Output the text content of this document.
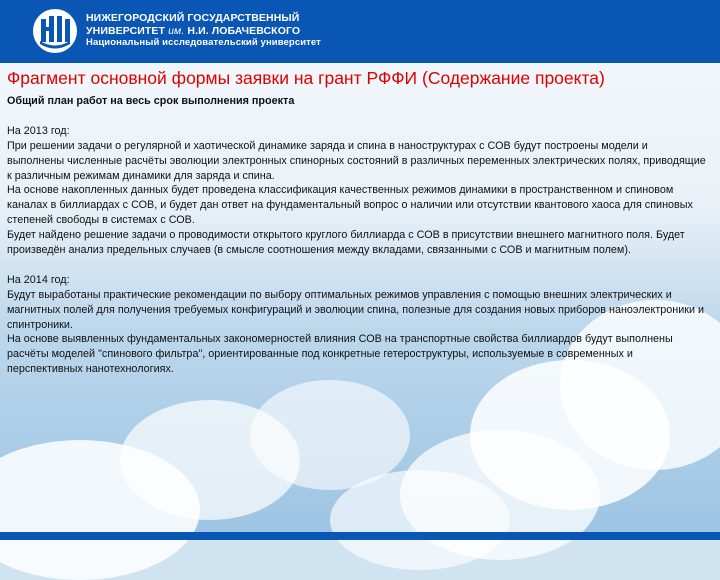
НИЖЕГОРОДСКИЙ ГОСУДАРСТВЕННЫЙ
УНИВЕРСИТЕТ им. Н.И. ЛОБАЧЕВСКОГО
Национальный исследовательский университет
Фрагмент основной формы заявки на грант РФФИ (Содержание проекта)

Общий план работ на весь срок выполнения проекта

На 2013 год:

При решении задачи о регулярной и хаотической динамике заряда и спина в наноструктурах с СОВ будут построены модели и выполнены численные расчёты эволюции электронных спинорных состояний в различных переменных электрических полях, приводящие к различным режимам динамики для заряда и спина.

На основе накопленных данных будет проведена классификация качественных режимов динамики в пространственном и спиновом каналах в биллиардах с СОВ, и будет дан ответ на фундаментальный вопрос о наличии или отсутствии квантового хаоса для спиновых степеней свободы в системах с СОВ.

Будет найдено решение задачи о проводимости открытого круглого биллиарда с СОВ в присутствии внешнего магнитного поля. Будет произведён анализ предельных случаев (в смысле соотношения между вкладами, связанными с СОВ и магнитным полем).

На 2014 год:

Будут выработаны практические рекомендации по выбору оптимальных режимов управления с помощью внешних электрических и магнитных полей для получения требуемых конфигураций и эволюции спина, полезные для создания новых приборов наноэлектроники и спинтроники.

На основе выявленных фундаментальных закономерностей влияния СОВ на транспортные свойства биллиардов будут выполнены расчёты моделей "спинового фильтра", ориентированные под конкретные гетероструктуры, используемые в современных и перспективных нанотехнологиях.
